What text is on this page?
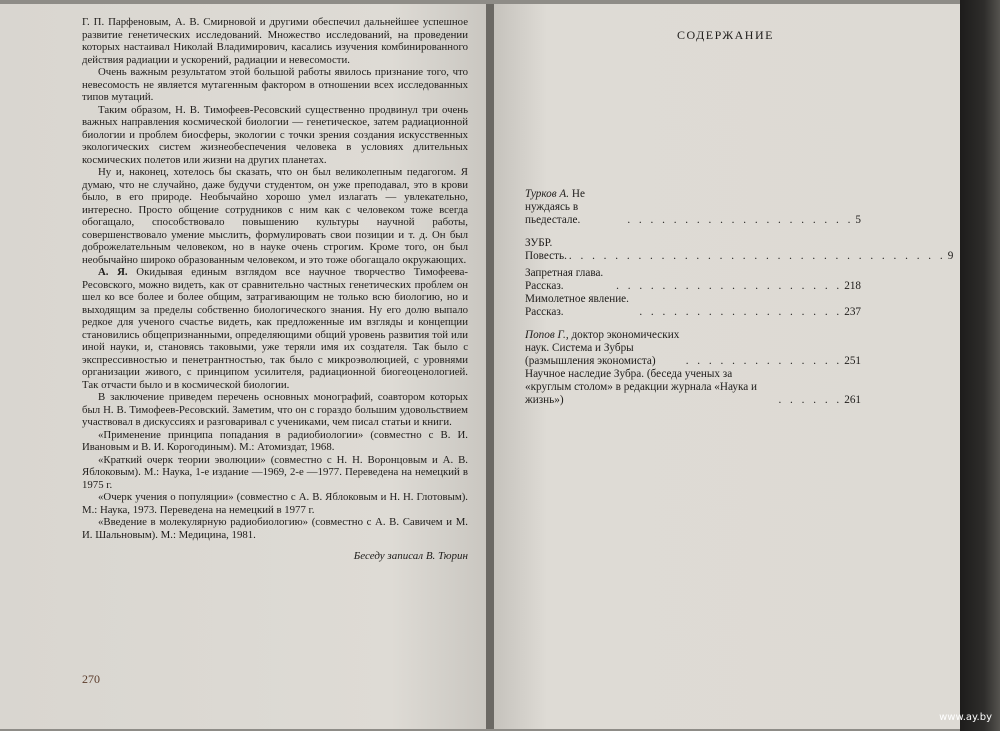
Г. П. Парфеновым, А. В. Смирновой и другими обеспечил дальнейшее успешное развитие генетических исследований. Множество исследований, на проведении которых настаивал Николай Владимирович, касались изучения комбинированного действия радиации и ускорений, радиации и невесомости.

Очень важным результатом этой большой работы явилось признание того, что невесомость не является мутагенным фактором в отношении всех исследованных типов мутаций.

Таким образом, Н. В. Тимофеев-Ресовский существенно продвинул три очень важных направления космической биологии — генетическое, затем радиационной биологии и проблем биосферы, экологии с точки зрения создания искусственных экологических систем жизнеобеспечения человека в условиях длительных космических полетов или жизни на других планетах.

Ну и, наконец, хотелось бы сказать, что он был великолепным педагогом. Я думаю, что не случайно, даже будучи студентом, он уже преподавал, это в крови было, в его природе. Необычайно хорошо умел излагать — увлекательно, интересно. Просто общение сотрудников с ним как с человеком тоже всегда обогащало, способствовало повышению культуры научной работы, совершенствовало умение мыслить, формулировать свои позиции и т. д. Он был доброжелательным человеком, но в науке очень строгим. Кроме того, он был необычайно широко образованным человеком, и это тоже обогащало окружающих.

А. Я. Окидывая единым взглядом все научное творчество Тимофеева-Ресовского, можно видеть, как от сравнительно частных генетических проблем он шел ко все более и более общим, затрагивающим не только всю биологию, но и выходящим за пределы собственно биологического знания. Ну его долю выпало редкое для ученого счастье видеть, как предложенные им взгляды и концепции становились общепризнанными, определяющими общий уровень развития той или иной науки, и, становясь таковыми, уже теряли имя их создателя. Так было с экспрессивностью и пенетрантностью, так было с микроэволюцией, с уровнями организации живого, с принципом усилителя, радиационной биогеоценологией. Так отчасти было и в космической биологии.

В заключение приведем перечень основных монографий, соавтором которых был Н. В. Тимофеев-Ресовский. Заметим, что он с гораздо большим удовольствием участвовал в дискуссиях и разговаривал с учениками, чем писал статьи и книги.

«Применение принципа попадания в радиобиологии» (совместно с В. И. Ивановым и В. И. Корогодиным). М.: Атомиздат, 1968.

«Краткий очерк теории эволюции» (совместно с Н. Н. Воронцовым и А. В. Яблоковым). М.: Наука, 1-е издание —1969, 2-е —1977. Переведена на немецкий в 1975 г.

«Очерк учения о популяции» (совместно с А. В. Яблоковым и Н. Н. Глотовым). М.: Наука, 1973. Переведена на немецкий в 1977 г.

«Введение в молекулярную радиобиологию» (совместно с А. В. Савичем и М. И. Шальновым). М.: Медицина, 1981.

Беседу записал В. Тюрин
270
СОДЕРЖАНИЕ
Турков А. Не нуждаясь в пьедестале.	. . . . . . . . . . . . . . . . . . . . 5
ЗУБР. Повесть. . . . . . . . . . . . . . . . . . . . . . . . . . . . . . . . . . 9
Запретная глава. Рассказ.	. . . . . . . . . . . . . . . . . . . . 218
Мимолетное явление. Рассказ.	. . . . . . . . . . . . . . . . . . 237
Попов Г., доктор экономических наук. Система и Зубры (размышления экономиста)	. . . . . . . . . . . . . . 251
Научное наследие Зубра. (беседа ученых за «круглым столом» в редакции журнала «Наука и жизнь»)	. . . . . . 261
www.ay.by
